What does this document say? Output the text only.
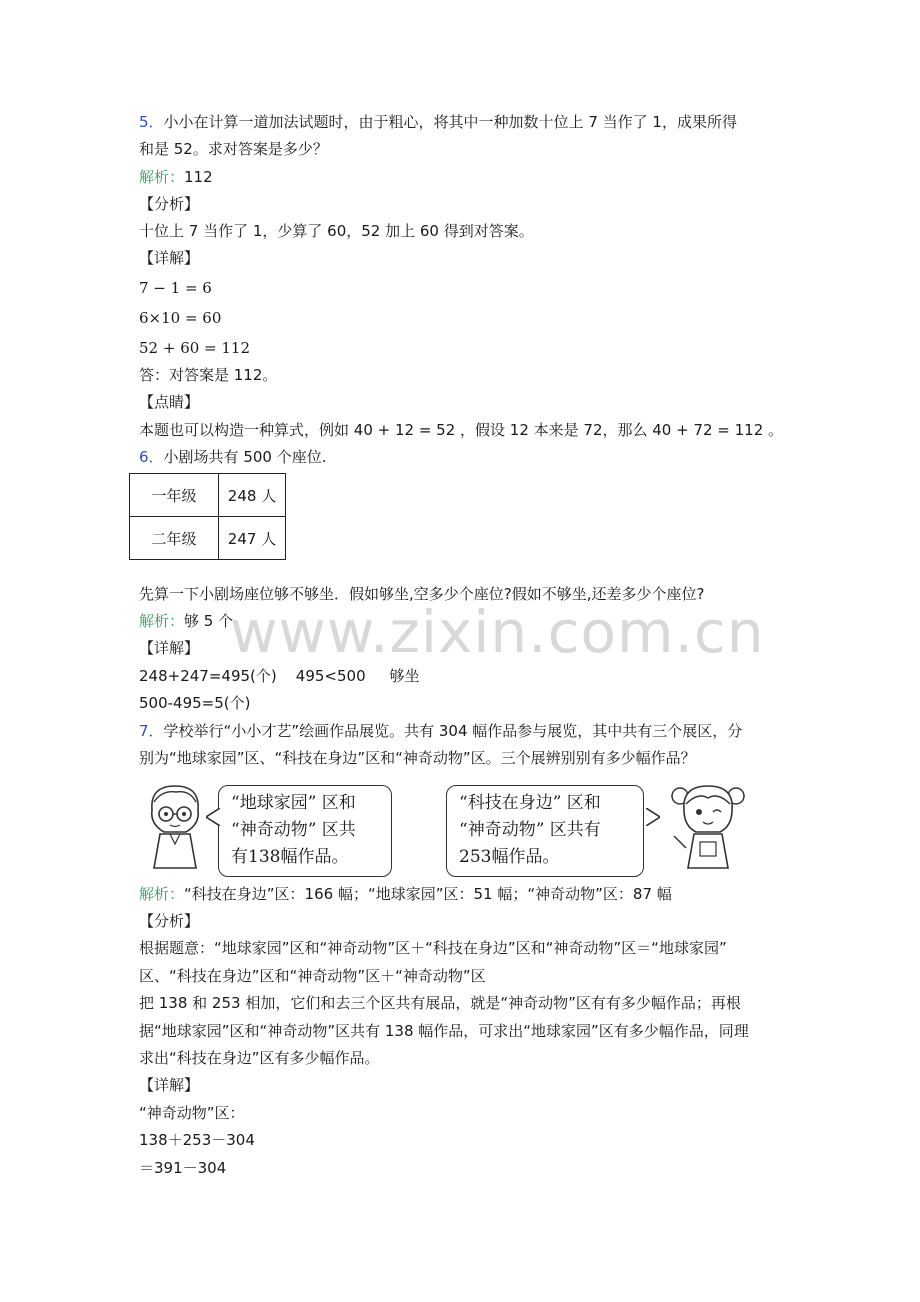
5．小小在计算一道加法试题时，由于粗心，将其中一种加数十位上 7 当作了 1，成果所得
和是 52。求对答案是多少？
解析：112
【分析】
十位上 7 当作了 1，少算了 60，52 加上 60 得到对答案。
【详解】
7 − 1 = 6
6×10 = 60
52 + 60 = 112
答：对答案是 112。
【点睛】
本题也可以构造一种算式，例如 40 + 12 = 52 ，假设 12 本来是 72，那么 40 + 72 = 112 。
6．小剧场共有 500 个座位.
一年级	248 人
二年级	247 人
先算一下小剧场座位够不够坐．假如够坐,空多少个座位?假如不够坐,还差多少个座位?
解析：够 5 个
【详解】
248+247=495(个)    495<500     够坐
500-495=5(个)
www.zixin.com.cn
7．学校举行“小小才艺”绘画作品展览。共有 304 幅作品参与展览，其中共有三个展区，分
别为“地球家园”区、“科技在身边”区和“神奇动物”区。三个展辨别别有多少幅作品？
“地球家园” 区和
“神奇动物” 区共
有138幅作品。
“科技在身边” 区和
“神奇动物” 区共有
253幅作品。
解析：“科技在身边”区：166 幅；“地球家园”区：51 幅；“神奇动物”区：87 幅
【分析】
根据题意：“地球家园”区和“神奇动物”区＋“科技在身边”区和“神奇动物”区＝“地球家园”
区、“科技在身边”区和“神奇动物”区＋“神奇动物”区
把 138 和 253 相加，它们和去三个区共有展品，就是“神奇动物”区有有多少幅作品；再根
据“地球家园”区和“神奇动物”区共有 138 幅作品，可求出“地球家园”区有多少幅作品，同理
求出“科技在身边”区有多少幅作品。
【详解】
“神奇动物”区：
138＋253－304
＝391－304
